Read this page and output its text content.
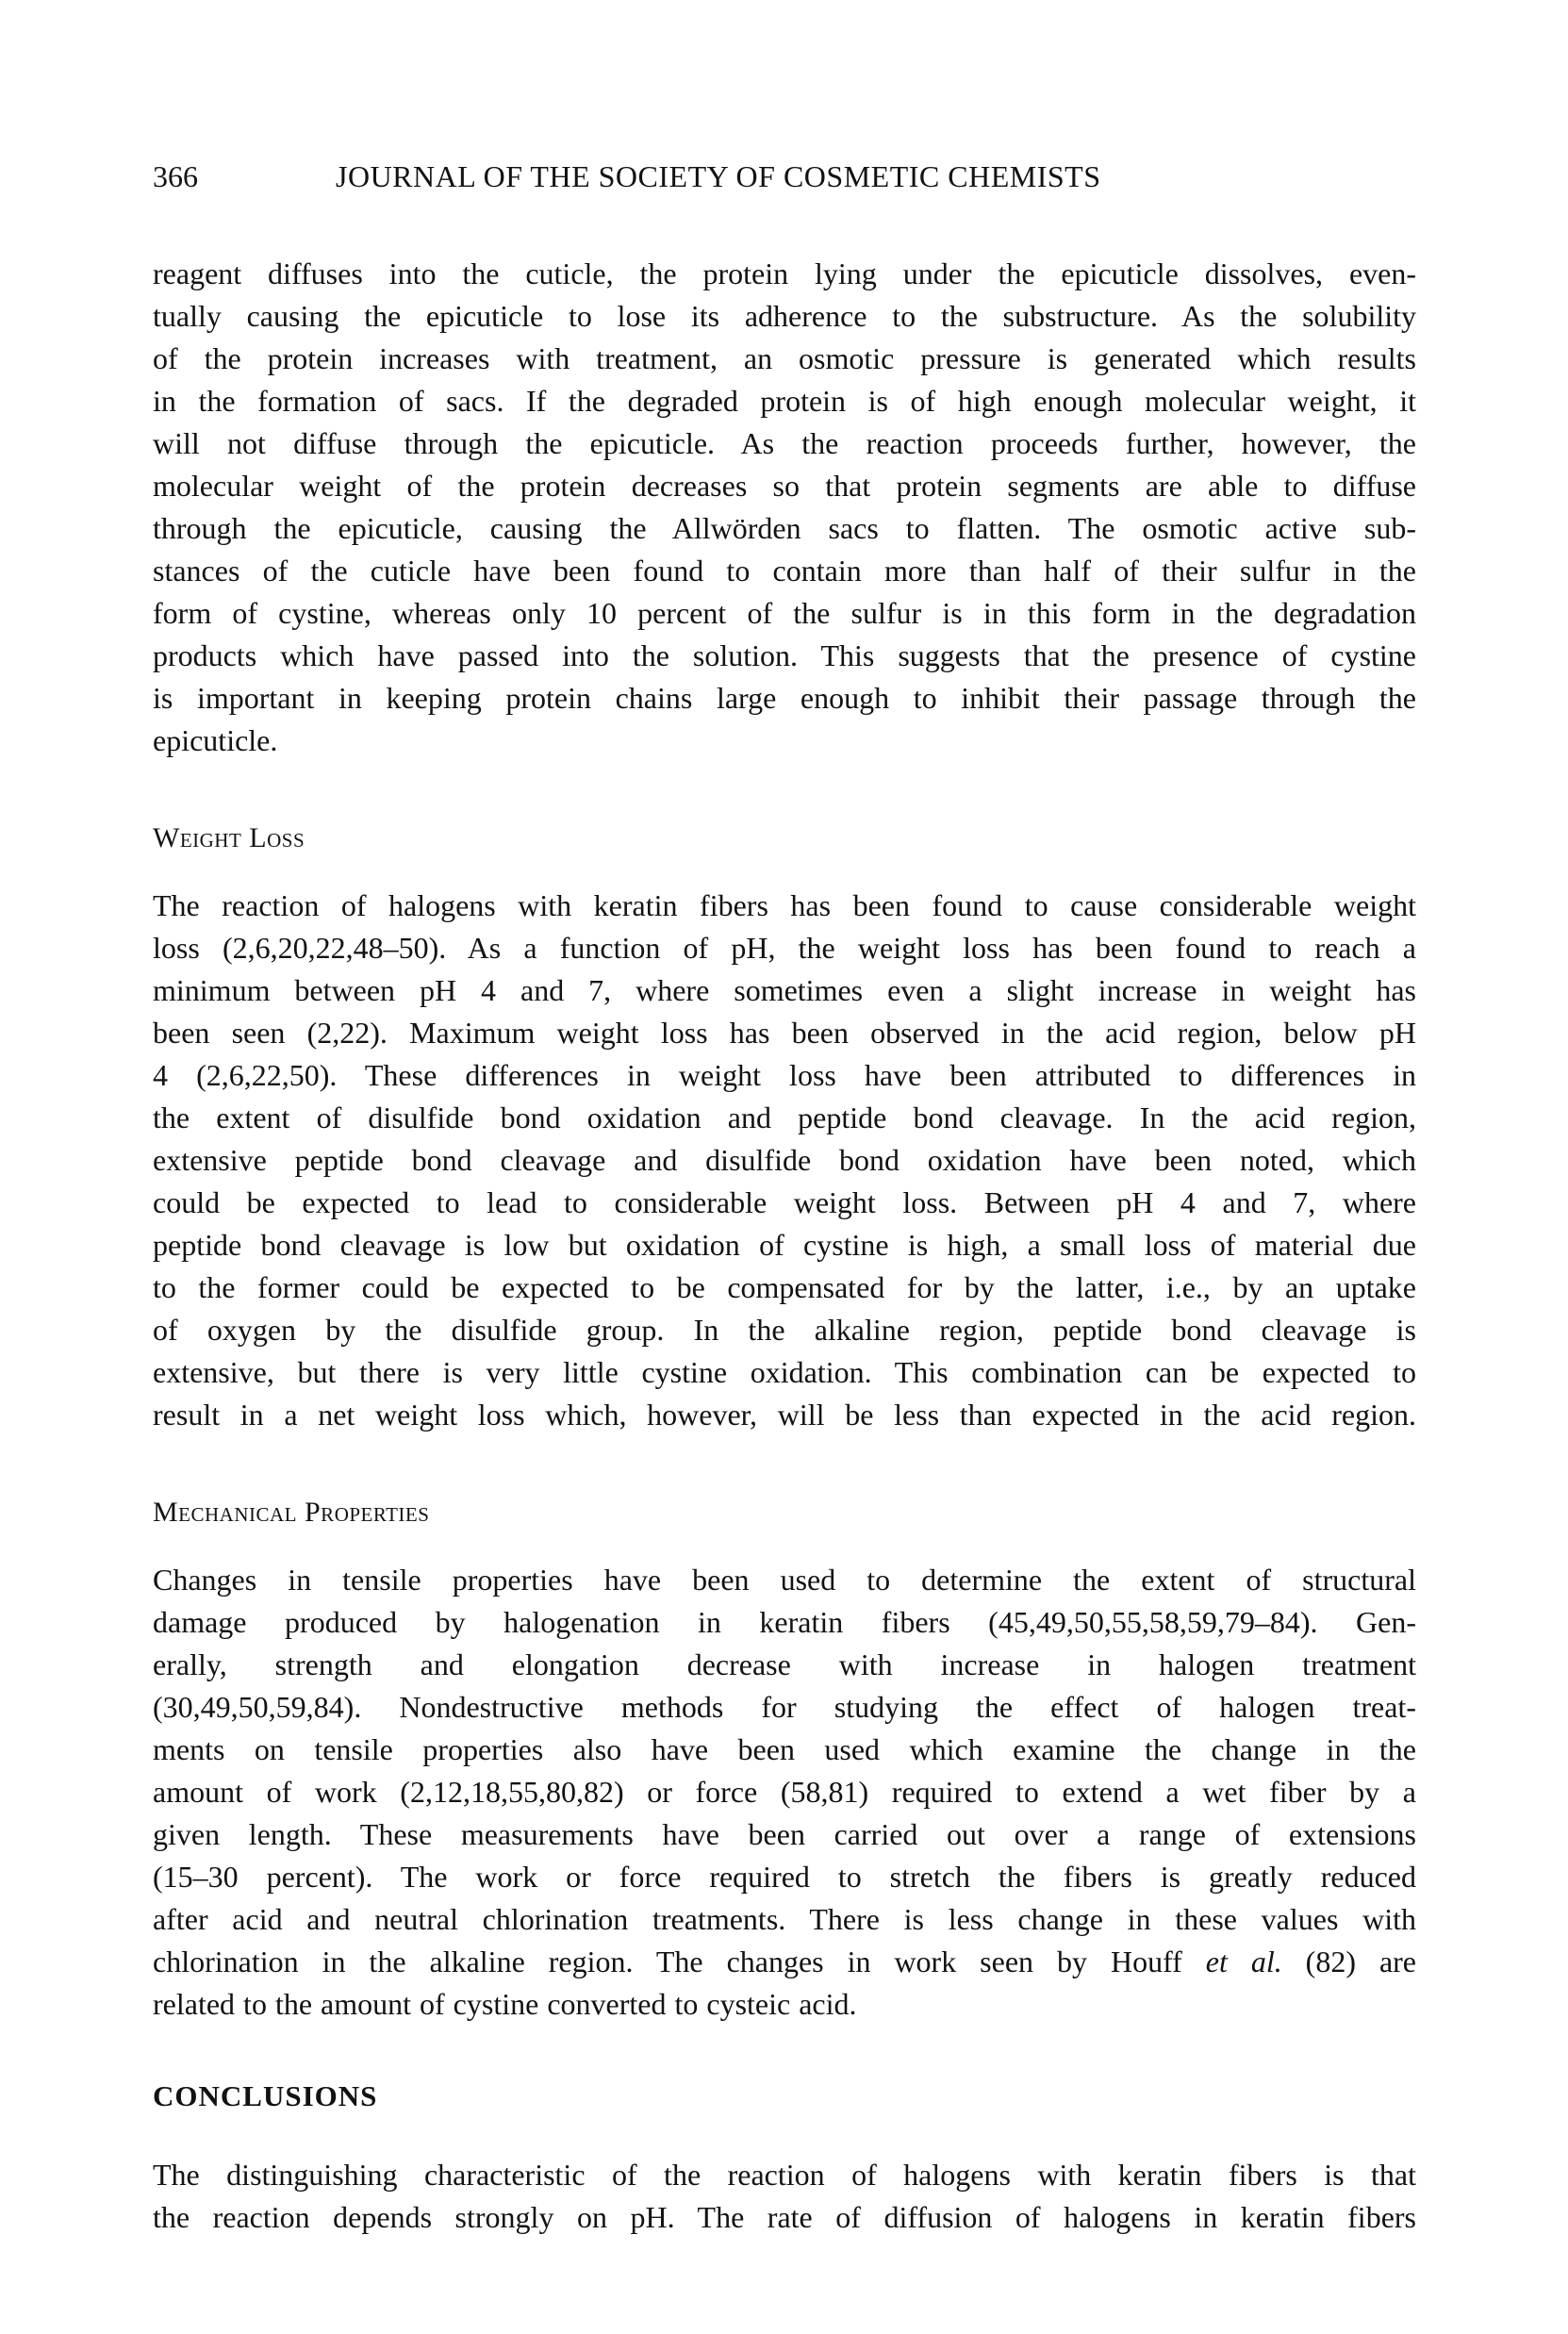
366	JOURNAL OF THE SOCIETY OF COSMETIC CHEMISTS
reagent diffuses into the cuticle, the protein lying under the epicuticle dissolves, even-
tually causing the epicuticle to lose its adherence to the substructure. As the solubility
of the protein increases with treatment, an osmotic pressure is generated which results
in the formation of sacs. If the degraded protein is of high enough molecular weight, it
will not diffuse through the epicuticle. As the reaction proceeds further, however, the
molecular weight of the protein decreases so that protein segments are able to diffuse
through the epicuticle, causing the Allwörden sacs to flatten. The osmotic active sub-
stances of the cuticle have been found to contain more than half of their sulfur in the
form of cystine, whereas only 10 percent of the sulfur is in this form in the degradation
products which have passed into the solution. This suggests that the presence of cystine
is important in keeping protein chains large enough to inhibit their passage through the
epicuticle.
Weight Loss
The reaction of halogens with keratin fibers has been found to cause considerable weight
loss (2,6,20,22,48–50). As a function of pH, the weight loss has been found to reach a
minimum between pH 4 and 7, where sometimes even a slight increase in weight has
been seen (2,22). Maximum weight loss has been observed in the acid region, below pH
4 (2,6,22,50). These differences in weight loss have been attributed to differences in
the extent of disulfide bond oxidation and peptide bond cleavage. In the acid region,
extensive peptide bond cleavage and disulfide bond oxidation have been noted, which
could be expected to lead to considerable weight loss. Between pH 4 and 7, where
peptide bond cleavage is low but oxidation of cystine is high, a small loss of material due
to the former could be expected to be compensated for by the latter, i.e., by an uptake
of oxygen by the disulfide group. In the alkaline region, peptide bond cleavage is
extensive, but there is very little cystine oxidation. This combination can be expected to
result in a net weight loss which, however, will be less than expected in the acid region.
Mechanical Properties
Changes in tensile properties have been used to determine the extent of structural
damage produced by halogenation in keratin fibers (45,49,50,55,58,59,79–84). Gen-
erally, strength and elongation decrease with increase in halogen treatment
(30,49,50,59,84). Nondestructive methods for studying the effect of halogen treat-
ments on tensile properties also have been used which examine the change in the
amount of work (2,12,18,55,80,82) or force (58,81) required to extend a wet fiber by a
given length. These measurements have been carried out over a range of extensions
(15–30 percent). The work or force required to stretch the fibers is greatly reduced
after acid and neutral chlorination treatments. There is less change in these values with
chlorination in the alkaline region. The changes in work seen by Houff et al. (82) are
related to the amount of cystine converted to cysteic acid.
CONCLUSIONS
The distinguishing characteristic of the reaction of halogens with keratin fibers is that
the reaction depends strongly on pH. The rate of diffusion of halogens in keratin fibers
